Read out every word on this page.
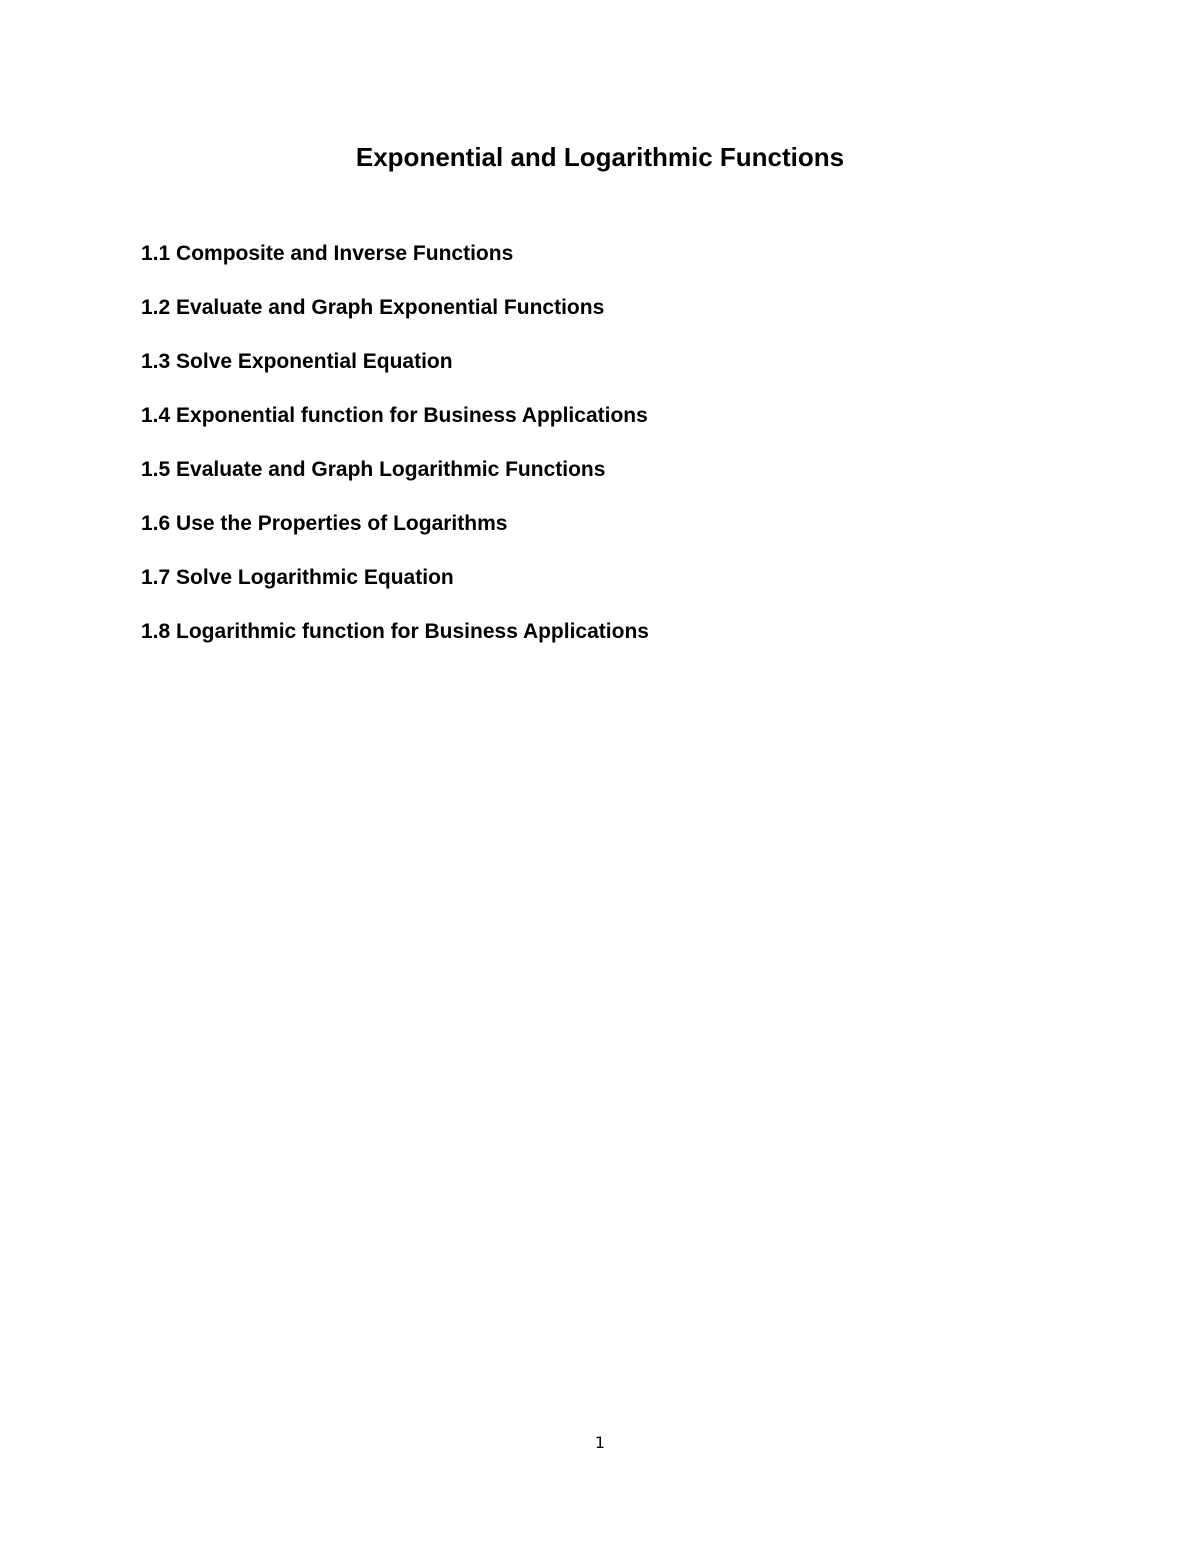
Exponential and Logarithmic Functions
1.1 Composite and Inverse Functions
1.2 Evaluate and Graph Exponential Functions
1.3 Solve Exponential Equation
1.4 Exponential function for Business Applications
1.5 Evaluate and Graph Logarithmic Functions
1.6 Use the Properties of Logarithms
1.7 Solve Logarithmic Equation
1.8 Logarithmic function for Business Applications
1
